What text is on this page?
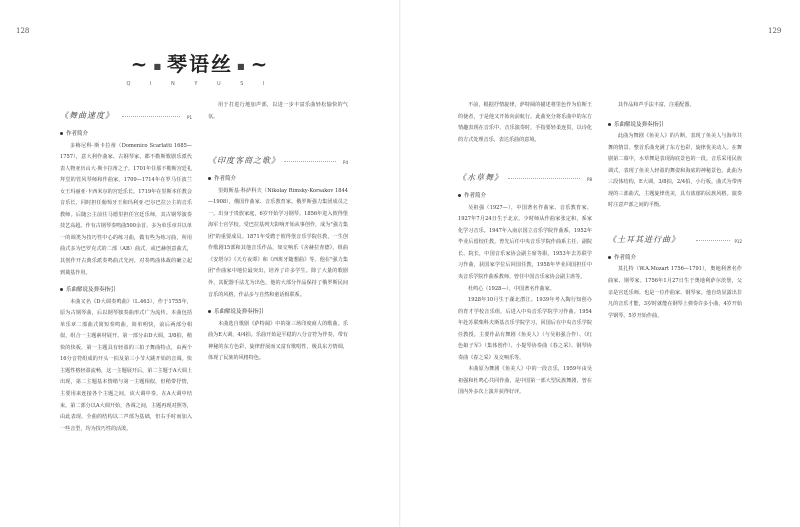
128	129
~ ■ 琴语丝 ■ ~
Q I N Y U S I
《舞曲速度》	P1
作者简介

多梅尼科·斯卡拉蒂（Domenico Scarlatti 1685—1757），意大利作曲家、古钢琴家。都不勒斯歌剧乐派代表人物亚历山大·斯卡拉蒂之子。1701年任那不勒斯宫廷礼拜堂的管风琴师和作曲家。1709—1714年在罗马任波兰女王玛丽亚·卡西米尔的宫廷乐长。1719年在里斯本任教会音乐长，同时担任葡萄牙王和玛利亚·巴尔巴拉公主的音乐教师。后随公主前往马德里担任宫廷乐师，其古钢琴演奏技艺高超。作有古钢琴奏鸣曲500余首。多为单乐章并以单一的调类为技巧性中心的练习曲，做有些为练习曲，所用曲式多为巴罗克式的二部（AB）曲式，或巴赫创意曲式，其创作开古典乐派奏鸣曲式先河，对奏鸣曲体裁的确立起到奠基作用。

乐曲解说及弹奏指引

本曲又名《D大调奏鸣曲》（L.463），作于1755年，原为古钢琴曲，后以钢琴独奏曲形式广为流传。本曲包括单乐章二部曲式简短奏鸣曲，简单明快，前后两部分相似，组合一主题素材展开。第一部分由D大调，3/8拍，稍快的快板，第一主题具有轻盈的三拍子舞曲特点，由两个16分音符组成的开头一拍及第三小节大跳开始的音调。快主题性格轻盈流畅，这一主题展开后，第二主题于A大调上出现，第二主题基本情绪与第一主题相似，但稍带抒情，主要用来连接各个主题之间，该大调中奏，在A大调中结束。第二部分以A大调开始，各调之间，主题再现对照等，由此表现。全曲的结构以二声部为基础，但右手时而加入一些音型，均为技巧性的活泼。

用于打进行地加声部，以进一步丰富乐曲轻松愉快的气氛。

《印度客商之歌》	P4
作者简介

里姆斯基·科萨科夫（Nikolay Rimsky-Korsakov 1844—1908），俄国作曲家、音乐教育家。俄罗斯强力集团成员之一。出身于贵族家庭，6岁开始学习钢琴。1856年进入彼得堡海军士官学校。受巴拉基列夫影响开始从事创作，成为"强力集团"的重要成员。1871年受聘于彼得堡音乐学院任教，一生创作歌剧15部和其他音乐作品，如交响乐《舍赫拉查德》，组曲《安塔尔》《天方夜谭》和《西班牙随想曲》等。他在"强力集团"作曲家中地位最突出，培养了许多学生。除了大量的歌剧外，其配器手法尤为出色，他的大部分作品保持了俄罗斯民间音乐的风格，作品多与自然和童话相联系。

乐曲解说及弹奏指引

本曲选自歌剧《萨特阔》中的第三场印度商人的歌曲。乐曲为E大调，4/4拍。乐曲开始是平稳的八分音符为伴奏，带有神秘的东方色彩，旋律舒展而又富有歌唱性，极具东方情调，体现了民族的风格特色。

不前，根据抒情旋律，萨特阔的描述将里色作为伯斯王的使者，于是他又开始向前航行。此曲充分将乐曲中的东方情趣表现在音乐中，音乐演奏时，手指要轻柔连贯，以诗化的方式处理音乐，表达乐曲的意境。

《水草舞》	P8
作者简介

吴祖强（1927—），中国著名作曲家、音乐教育家。1927年7月24日生于北京。少时师从作曲家张定和，系家化学习音乐。1947年入南京国立音乐学院作曲系，1952年毕业后留校任教。曾先后任中央音乐学院作曲系主任、副院长、院长，中国音乐家协会副主席等职。1953年去苏联学习作曲，获国家学位后回国任教，1958年毕业回国担任中央音乐学院作曲系教师。曾任中国音乐家协会副主席等。

杜鸣心（1928—），中国著名作曲家。

1928年10月生于湖北潜江。1939年考入陶行知创办的育才学校音乐组，后进入中央音乐学院学习作曲。1954年赴苏联柴科夫斯基音乐学院学习，回国后在中央音乐学院任教授。主要作品有舞剧《鱼美人》（与吴祖强合作）、《红色娘子军》（集体创作）、小提琴协奏曲《春之采》、钢琴协奏曲《春之采》及交响乐等。

本曲原为舞剧《鱼美人》中的一段音乐，1959年由吴祖强和杜鸣心共同作曲，是中国第一部大型民族舞剧，曾在国内外多次上演并获得好评。

其作品和声手法丰富，注重配器。

乐曲解说及弹奏指引

此曲为舞剧《鱼美人》的片断，表现了鱼美人与海草共舞的情景。整首乐曲充满了东方色彩，旋律优美动人。在舞剧第二幕中，水草舞是表现海底景色的一段。音乐采用民族调式，表现了鱼美人轻盈的舞姿和海底的神秘景色。此曲为三段体结构，E大调，3/8拍，2/4拍，小行板。曲式为带再现的三部曲式，主题旋律优美，具有浓郁的民族风格。演奏时注意声部之间的平衡。

《土耳其进行曲》	P12
作者简介

莫扎特（W.A.Mozart 1756—1791），奥地利著名作曲家、钢琴家。1756年1月27日生于奥地利萨尔茨堡，父亲是宫廷乐师。也是一位作曲家、钢琴家。他自幼显露出非凡的音乐才能，3岁时就能在钢琴上弹奏许多小曲，4岁开始学钢琴，5岁开始作曲。
